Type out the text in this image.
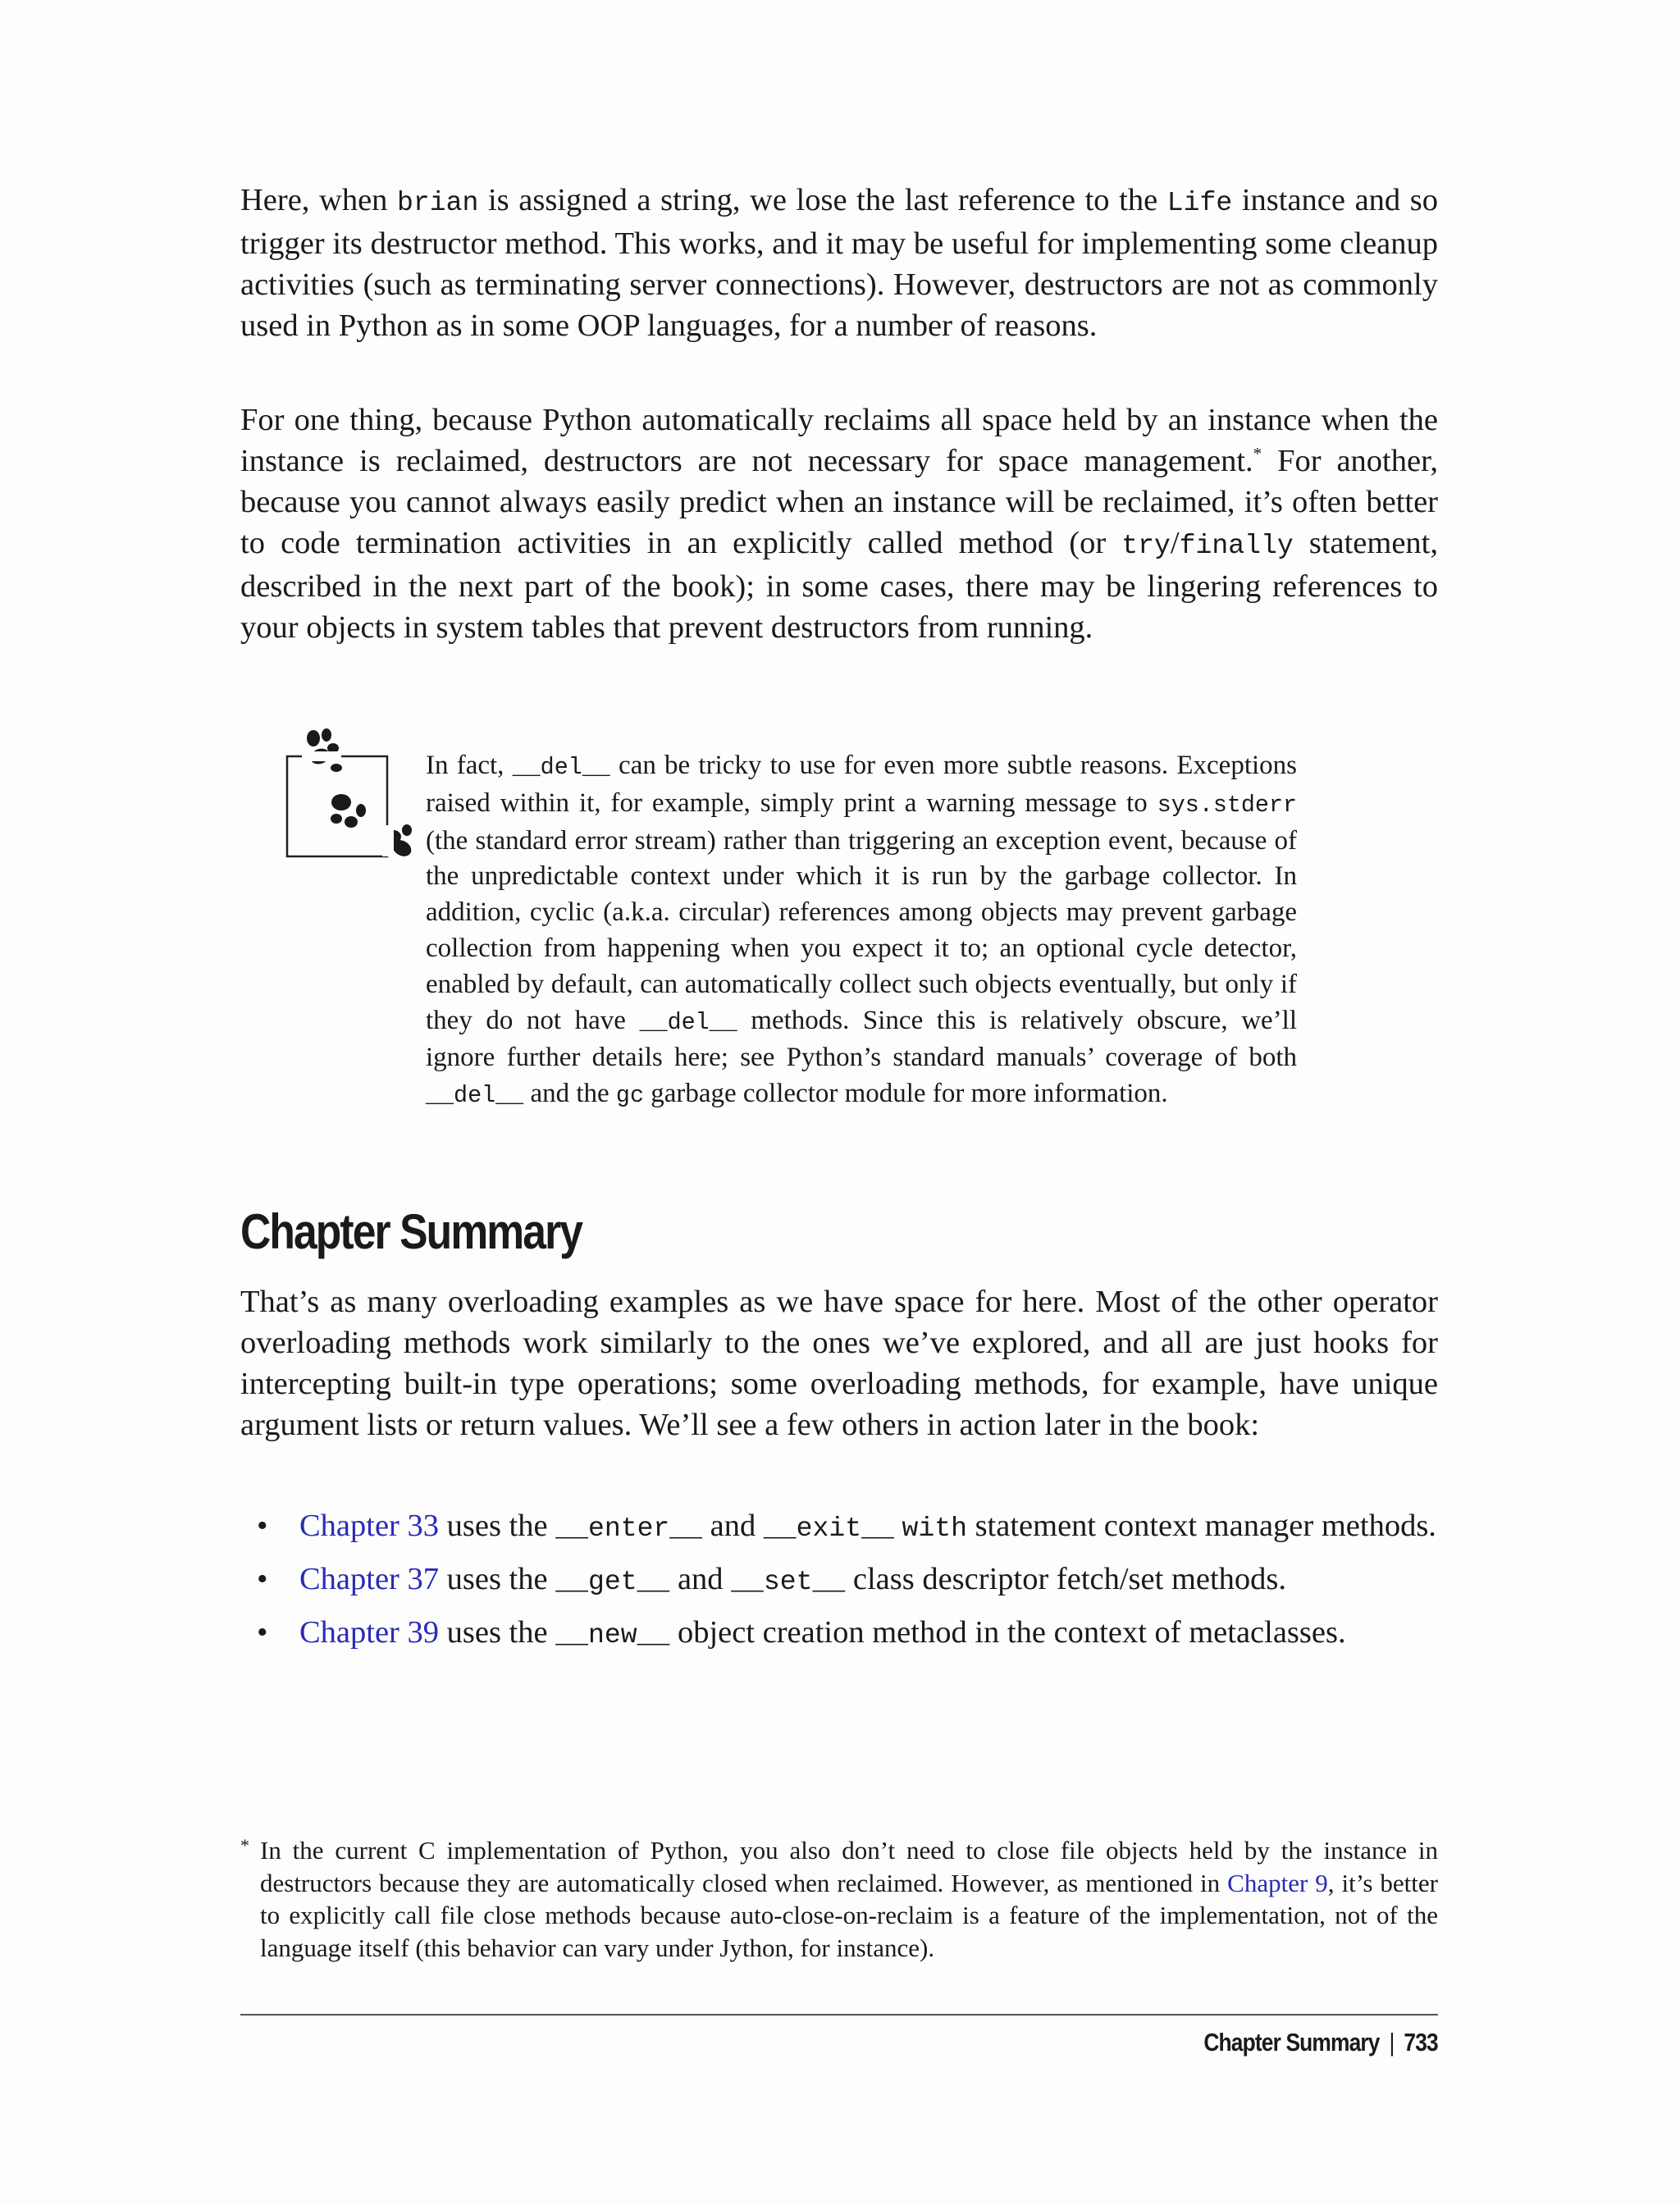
Here, when brian is assigned a string, we lose the last reference to the Life instance and so trigger its destructor method. This works, and it may be useful for implementing some cleanup activities (such as terminating server connections). However, destructors are not as commonly used in Python as in some OOP languages, for a number of reasons.

For one thing, because Python automatically reclaims all space held by an instance when the instance is reclaimed, destructors are not necessary for space management.* For another, because you cannot always easily predict when an instance will be reclaimed, it’s often better to code termination activities in an explicitly called method (or try/finally statement, described in the next part of the book); in some cases, there may be lingering references to your objects in system tables that prevent destructors from running.

In fact, __del__ can be tricky to use for even more subtle reasons. Exceptions raised within it, for example, simply print a warning message to sys.stderr (the standard error stream) rather than triggering an exception event, because of the unpredictable context under which it is run by the garbage collector. In addition, cyclic (a.k.a. circular) references among objects may prevent garbage collection from happening when you expect it to; an optional cycle detector, enabled by default, can automatically collect such objects eventually, but only if they do not have __del__ methods. Since this is relatively obscure, we’ll ignore further details here; see Python’s standard manuals’ coverage of both __del__ and the gc garbage collector module for more information.

Chapter Summary

That’s as many overloading examples as we have space for here. Most of the other operator overloading methods work similarly to the ones we’ve explored, and all are just hooks for intercepting built-in type operations; some overloading methods, for example, have unique argument lists or return values. We’ll see a few others in action later in the book:

• Chapter 33 uses the __enter__ and __exit__ with statement context manager methods.
• Chapter 37 uses the __get__ and __set__ class descriptor fetch/set methods.
• Chapter 39 uses the __new__ object creation method in the context of metaclasses.

* In the current C implementation of Python, you also don’t need to close file objects held by the instance in destructors because they are automatically closed when reclaimed. However, as mentioned in Chapter 9, it’s better to explicitly call file close methods because auto-close-on-reclaim is a feature of the implementation, not of the language itself (this behavior can vary under Jython, for instance).

Chapter Summary | 733
